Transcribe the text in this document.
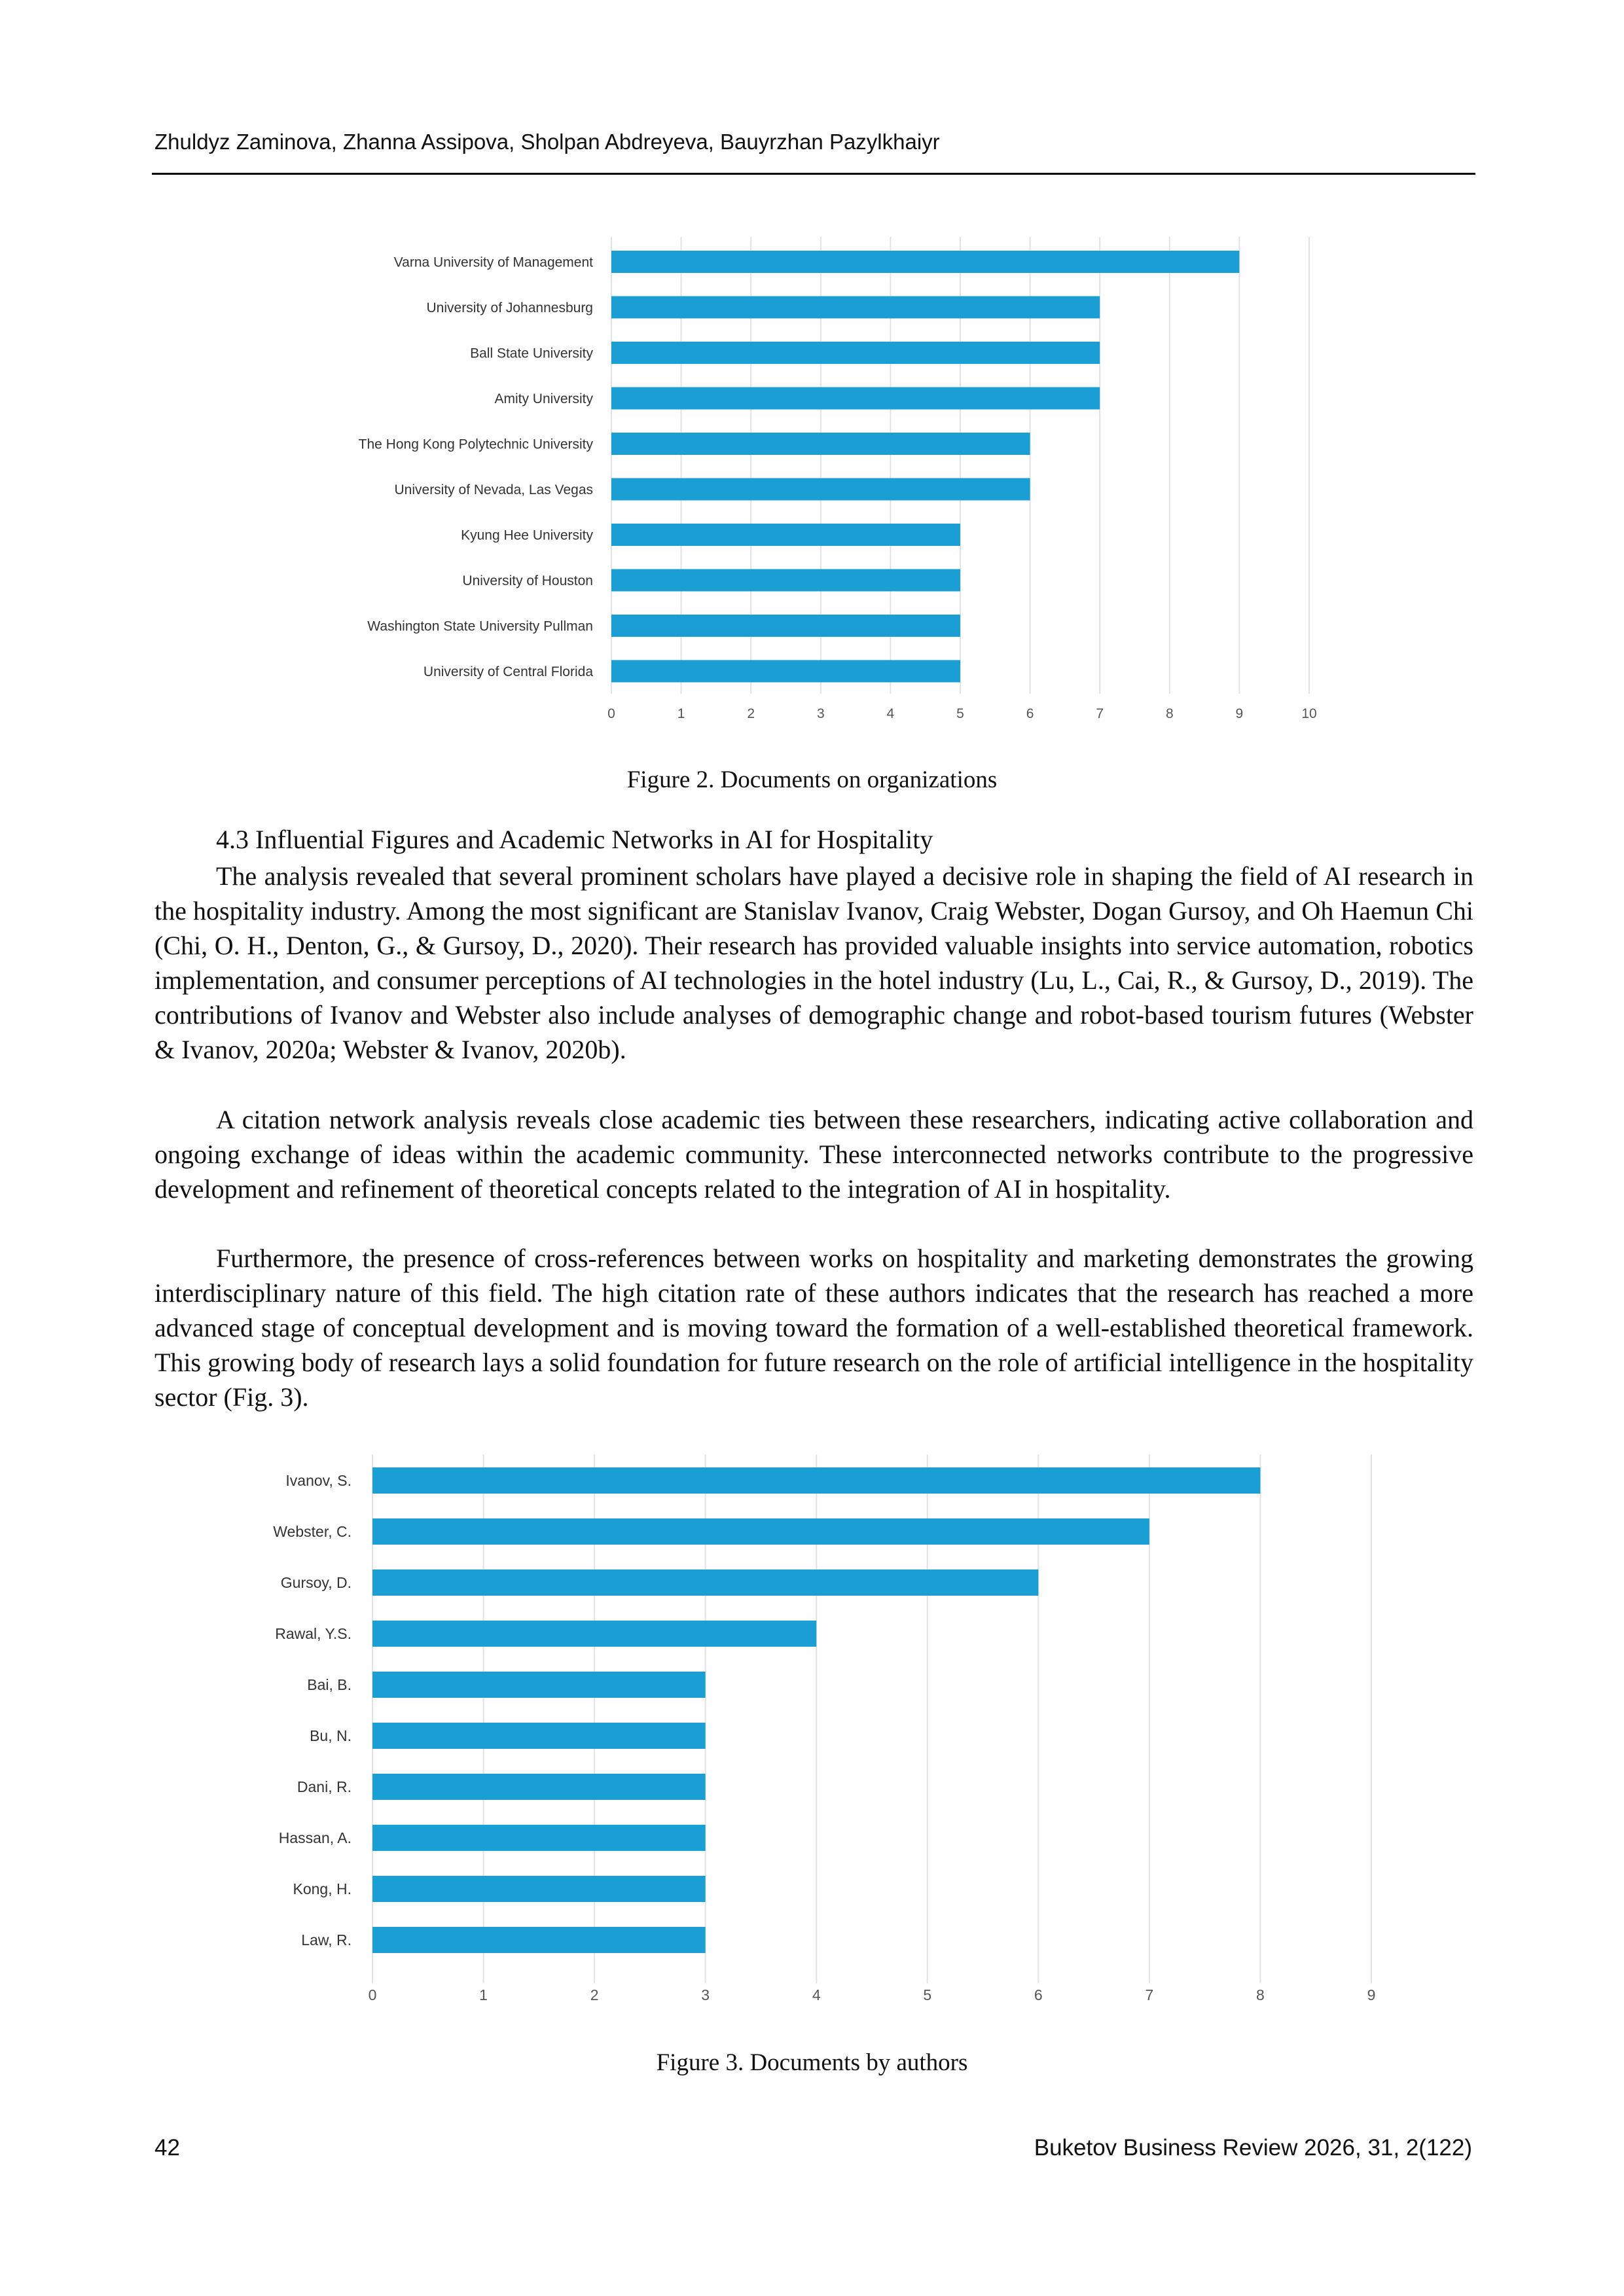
Zhuldyz Zaminova, Zhanna Assipova, Sholpan Abdreyeva, Bauyrzhan Pazylkhaiyr
0	1	2	3	4	5	6	7	8	9	10
Varna University of Management
University of Johannesburg
Ball State University
Amity University
The Hong Kong Polytechnic University
University of Nevada, Las Vegas
Kyung Hee University
University of Houston
Washington State University Pullman
University of Central Florida
Figure 2. Documents on organizations
4.3 Influential Figures and Academic Networks in AI for Hospitality

The analysis revealed that several prominent scholars have played a decisive role in shaping the field of AI research in the hospitality industry. Among the most significant are Stanislav Ivanov, Craig Webster, Dogan Gursoy, and Oh Haemun Chi (Chi, O. H., Denton, G., & Gursoy, D., 2020). Their research has provided valuable insights into service automation, robotics implementation, and consumer perceptions of AI technologies in the hotel industry (Lu, L., Cai, R., & Gursoy, D., 2019). The contributions of Ivanov and Webster also include analyses of demographic change and robot-based tourism futures (Webster & Ivanov, 2020a; Webster & Ivanov, 2020b).

A citation network analysis reveals close academic ties between these researchers, indicating active collaboration and ongoing exchange of ideas within the academic community. These interconnected networks contribute to the progressive development and refinement of theoretical concepts related to the integration of AI in hospitality.

Furthermore, the presence of cross-references between works on hospitality and marketing demonstrates the growing interdisciplinary nature of this field. The high citation rate of these authors indicates that the research has reached a more advanced stage of conceptual development and is moving toward the formation of a well-established theoretical framework. This growing body of research lays a solid foundation for future research on the role of artificial intelligence in the hospitality sector (Fig. 3).

0	1	2	3	4	5	6	7	8	9
Ivanov, S.
Webster, C.
Gursoy, D.
Rawal, Y.S.
Bai, B.
Bu, N.
Dani, R.
Hassan, A.
Kong, H.
Law, R.
Figure 3. Documents by authors
42	Buketov Business Review 2026, 31, 2(122)
